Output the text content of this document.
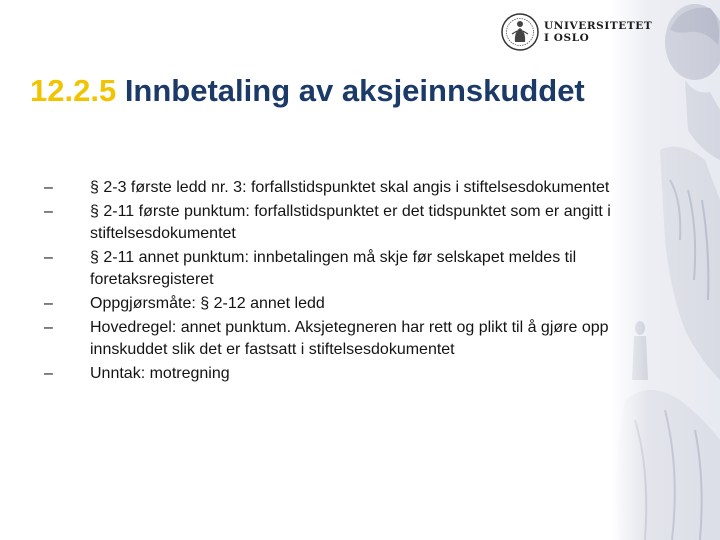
UNIVERSITETET
I OSLO
12.2.5 Innbetaling av aksjeinnskuddet
– § 2-3 første ledd nr. 3: forfallstidspunktet skal angis i stiftelsesdokumentet
– § 2-11 første punktum: forfallstidspunktet er det tidspunktet som er angitt i stiftelsesdokumentet
– § 2-11 annet punktum: innbetalingen må skje før selskapet meldes til foretaksregisteret
– Oppgjørsmåte: § 2-12 annet ledd
– Hovedregel: annet punktum. Aksjetegneren har rett og plikt til å gjøre opp innskuddet slik det er fastsatt i stiftelsesdokumentet
– Unntak: motregning
